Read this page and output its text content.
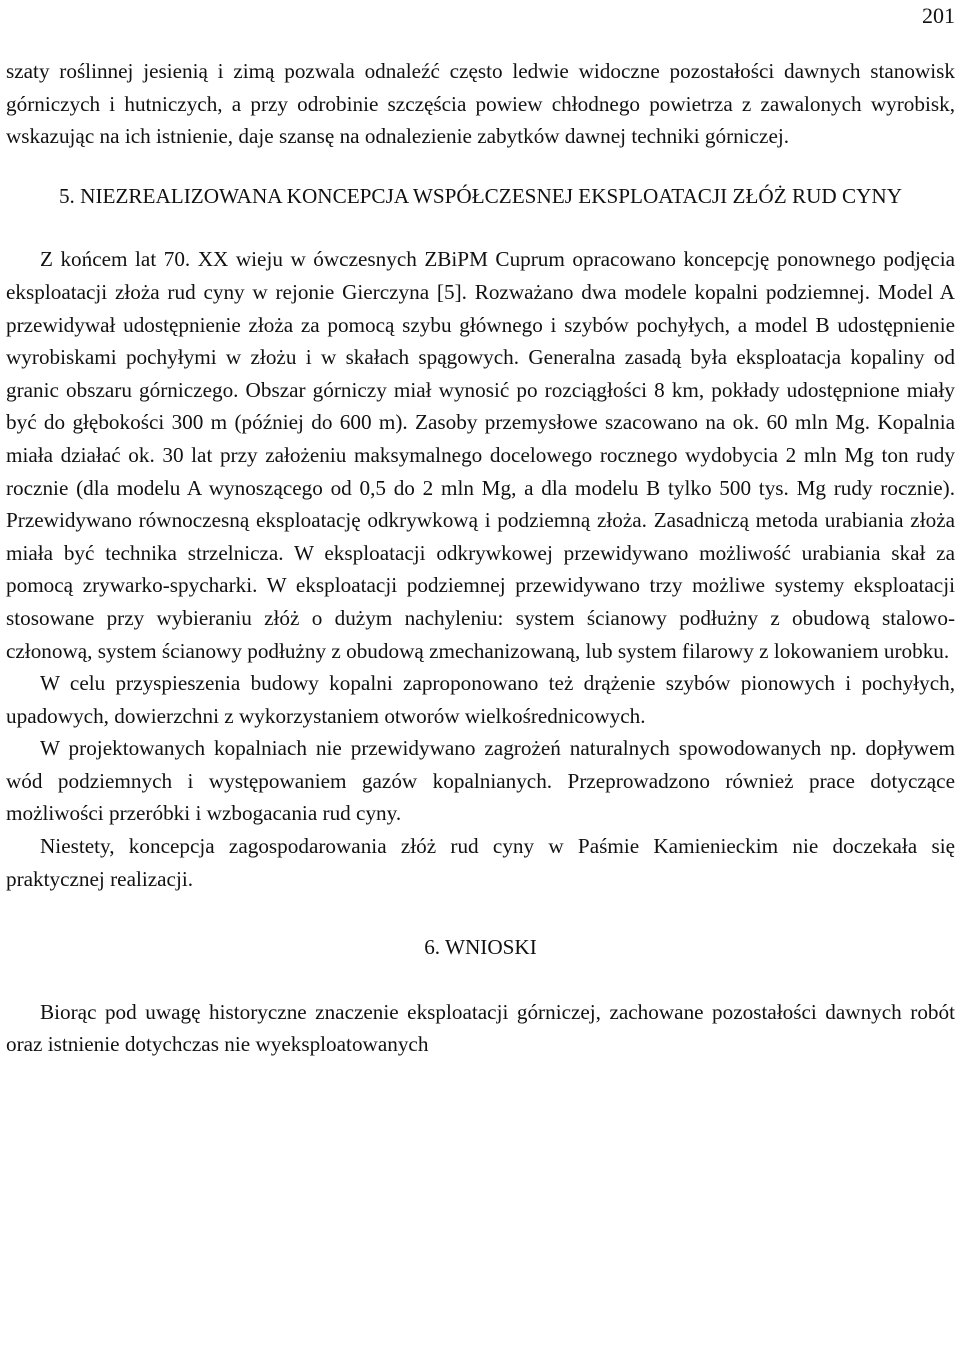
201

szaty roślinnej jesienią i zimą pozwala odnaleźć często ledwie widoczne pozostałości dawnych stanowisk górniczych i hutniczych, a przy odrobinie szczęścia powiew chłodnego powietrza z zawalonych wyrobisk, wskazując na ich istnienie, daje szansę na odnalezienie zabytków dawnej techniki górniczej.

5. NIEZREALIZOWANA KONCEPCJA WSPÓŁCZESNEJ EKSPLOATACJI ZŁÓŻ RUD CYNY

Z końcem lat 70. XX wieju w ówczesnych ZBiPM Cuprum opracowano koncepcję ponownego podjęcia eksploatacji złoża rud cyny w rejonie Gierczyna [5]. Rozważano dwa modele kopalni podziemnej. Model A przewidywał udostępnienie złoża za pomocą szybu głównego i szybów pochyłych, a model B udostępnienie wyrobiskami pochyłymi w złożu i w skałach spągowych. Generalna zasadą była eksploatacja kopaliny od granic obszaru górniczego. Obszar górniczy miał wynosić po rozciągłości 8 km, pokłady udostępnione miały być do głębokości 300 m (później do 600 m). Zasoby przemysłowe szacowano na ok. 60 mln Mg. Kopalnia miała działać ok. 30 lat przy założeniu maksymalnego docelowego rocznego wydobycia 2 mln Mg ton rudy rocznie (dla modelu A wynoszącego od 0,5 do 2 mln Mg, a dla modelu B tylko 500 tys. Mg rudy rocznie). Przewidywano równoczesną eksploatację odkrywkową i podziemną złoża. Zasadniczą metoda urabiania złoża miała być technika strzelnicza. W eksploatacji odkrywkowej przewidywano możliwość urabiania skał za pomocą zrywarko-spycharki. W eksploatacji podziemnej przewidywano trzy możliwe systemy eksploatacji stosowane przy wybieraniu złóż o dużym nachyleniu: system ścianowy podłużny z obudową stalowo-członową, system ścianowy podłużny z obudową zmechanizowaną, lub system filarowy z lokowaniem urobku.

W celu przyspieszenia budowy kopalni zaproponowano też drążenie szybów pionowych i pochyłych, upadowych, dowierzchni z wykorzystaniem otworów wielkośrednicowych.

W projektowanych kopalniach nie przewidywano zagrożeń naturalnych spowodowanych np. dopływem wód podziemnych i występowaniem gazów kopalnianych. Przeprowadzono również prace dotyczące możliwości przeróbki i wzbogacania rud cyny.

Niestety, koncepcja zagospodarowania złóż rud cyny w Paśmie Kamienieckim nie doczekała się praktycznej realizacji.

6. WNIOSKI

Biorąc pod uwagę historyczne znaczenie eksploatacji górniczej, zachowane pozostałości dawnych robót oraz istnienie dotychczas nie wyeksploatowanych
